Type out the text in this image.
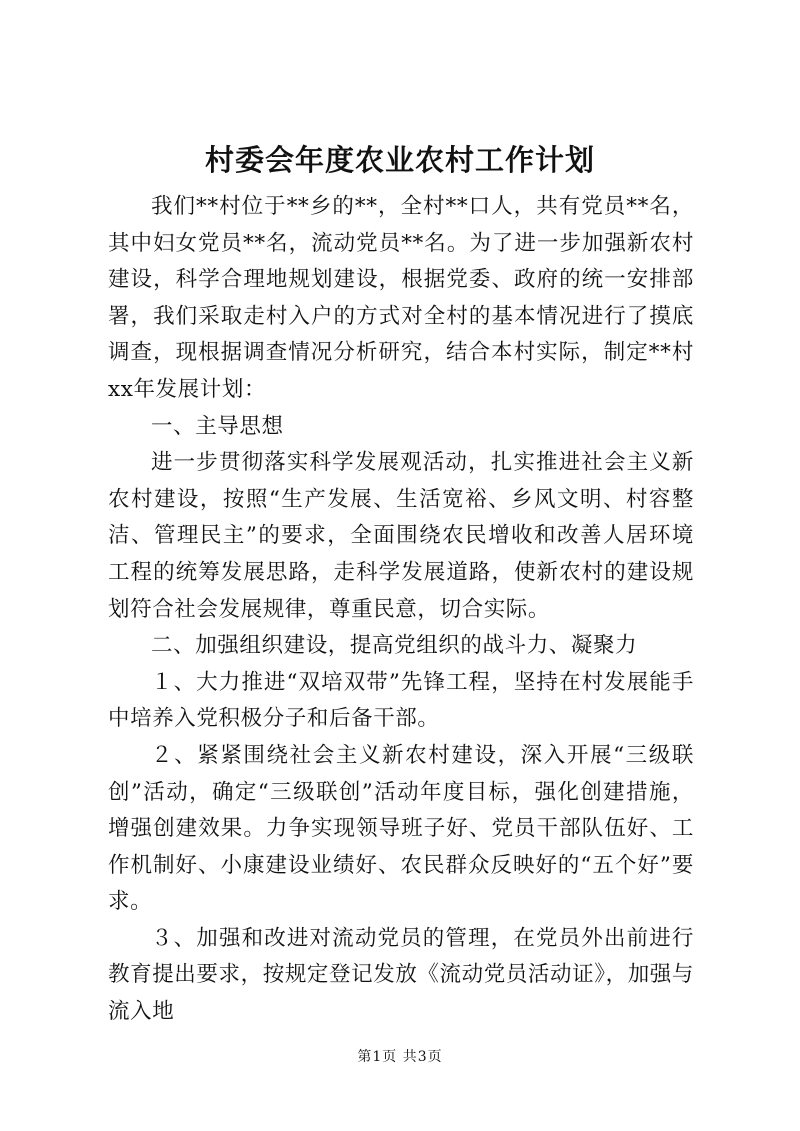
村委会年度农业农村工作计划

我们**村位于**乡的**，全村**口人，共有党员**名，其中妇女党员**名，流动党员**名。为了进一步加强新农村建设，科学合理地规划建设，根据党委、政府的统一安排部署，我们采取走村入户的方式对全村的基本情况进行了摸底调查，现根据调查情况分析研究，结合本村实际，制定**村xx年发展计划：

一、主导思想

进一步贯彻落实科学发展观活动，扎实推进社会主义新农村建设，按照“生产发展、生活宽裕、乡风文明、村容整洁、管理民主”的要求，全面围绕农民增收和改善人居环境工程的统筹发展思路，走科学发展道路，使新农村的建设规划符合社会发展规律，尊重民意，切合实际。

二、加强组织建设，提高党组织的战斗力、凝聚力

１、大力推进“双培双带”先锋工程，坚持在村发展能手中培养入党积极分子和后备干部。

２、紧紧围绕社会主义新农村建设，深入开展“三级联创”活动，确定“三级联创”活动年度目标，强化创建措施，增强创建效果。力争实现领导班子好、党员干部队伍好、工作机制好、小康建设业绩好、农民群众反映好的“五个好”要求。

３、加强和改进对流动党员的管理，在党员外出前进行教育提出要求，按规定登记发放《流动党员活动证》，加强与流入地

第1页 共3页
